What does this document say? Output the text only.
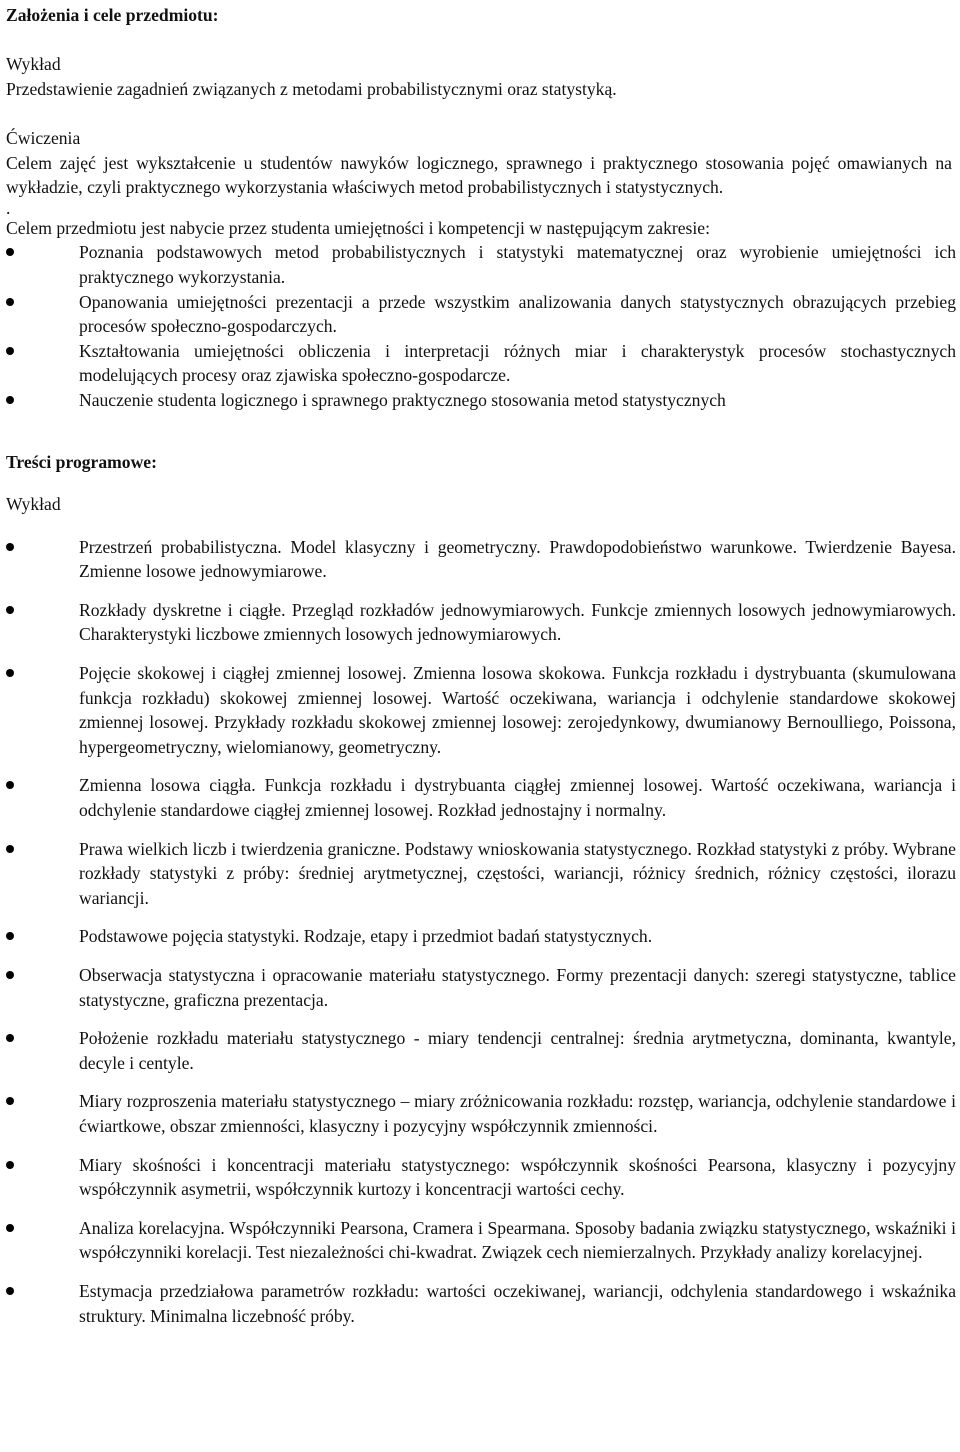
Założenia i cele przedmiotu:
Wykład
Przedstawienie zagadnień związanych z metodami probabilistycznymi oraz statystyką.
Ćwiczenia
Celem zajęć jest wykształcenie u studentów nawyków logicznego, sprawnego i praktycznego stosowania pojęć omawianych na wykładzie, czyli praktycznego wykorzystania właściwych metod probabilistycznych i statystycznych.
.
Celem przedmiotu jest nabycie przez studenta umiejętności i kompetencji w następującym zakresie:
Poznania podstawowych metod probabilistycznych i statystyki matematycznej oraz wyrobienie umiejętności ich praktycznego wykorzystania.
Opanowania umiejętności prezentacji a przede wszystkim analizowania danych statystycznych obrazujących przebieg procesów społeczno-gospodarczych.
Kształtowania umiejętności obliczenia i interpretacji różnych miar i charakterystyk procesów stochastycznych modelujących procesy oraz zjawiska społeczno-gospodarcze.
Nauczenie studenta logicznego i sprawnego praktycznego stosowania metod statystycznych
Treści programowe:
Wykład
Przestrzeń probabilistyczna. Model klasyczny i geometryczny. Prawdopodobieństwo warunkowe. Twierdzenie Bayesa. Zmienne losowe jednowymiarowe.
Rozkłady dyskretne i ciągłe. Przegląd rozkładów jednowymiarowych. Funkcje zmiennych losowych jednowymiarowych. Charakterystyki liczbowe zmiennych losowych jednowymiarowych.
Pojęcie skokowej i ciągłej zmiennej losowej. Zmienna losowa skokowa. Funkcja rozkładu i dystrybuanta (skumulowana funkcja rozkładu) skokowej zmiennej losowej. Wartość oczekiwana, wariancja i odchylenie standardowe skokowej zmiennej losowej. Przykłady rozkładu skokowej zmiennej losowej: zerojedynkowy, dwumianowy Bernoulliego, Poissona, hypergeometryczny, wielomianowy, geometryczny.
Zmienna losowa ciągła. Funkcja rozkładu i dystrybuanta ciągłej zmiennej losowej. Wartość oczekiwana, wariancja i odchylenie standardowe ciągłej zmiennej losowej. Rozkład jednostajny i normalny.
Prawa wielkich liczb i twierdzenia graniczne. Podstawy wnioskowania statystycznego. Rozkład statystyki z próby. Wybrane rozkłady statystyki z próby: średniej arytmetycznej, częstości, wariancji, różnicy średnich, różnicy częstości, ilorazu wariancji.
Podstawowe pojęcia statystyki. Rodzaje, etapy i przedmiot badań statystycznych.
Obserwacja statystyczna i opracowanie materiału statystycznego. Formy prezentacji danych: szeregi statystyczne, tablice statystyczne, graficzna prezentacja.
Położenie rozkładu materiału statystycznego - miary tendencji centralnej: średnia arytmetyczna, dominanta, kwantyle, decyle i centyle.
Miary rozproszenia materiału statystycznego – miary zróżnicowania rozkładu: rozstęp, wariancja, odchylenie standardowe i ćwiartkowe, obszar zmienności, klasyczny i pozycyjny współczynnik zmienności.
Miary skośności i koncentracji materiału statystycznego: współczynnik skośności Pearsona, klasyczny i pozycyjny współczynnik asymetrii, współczynnik kurtozy i koncentracji wartości cechy.
Analiza korelacyjna. Współczynniki Pearsona, Cramera i Spearmana. Sposoby badania związku statystycznego, wskaźniki i współczynniki korelacji. Test niezależności chi-kwadrat. Związek cech niemierzalnych. Przykłady analizy korelacyjnej.
Estymacja przedziałowa parametrów rozkładu: wartości oczekiwanej, wariancji, odchylenia standardowego i wskaźnika struktury. Minimalna liczebność próby.
